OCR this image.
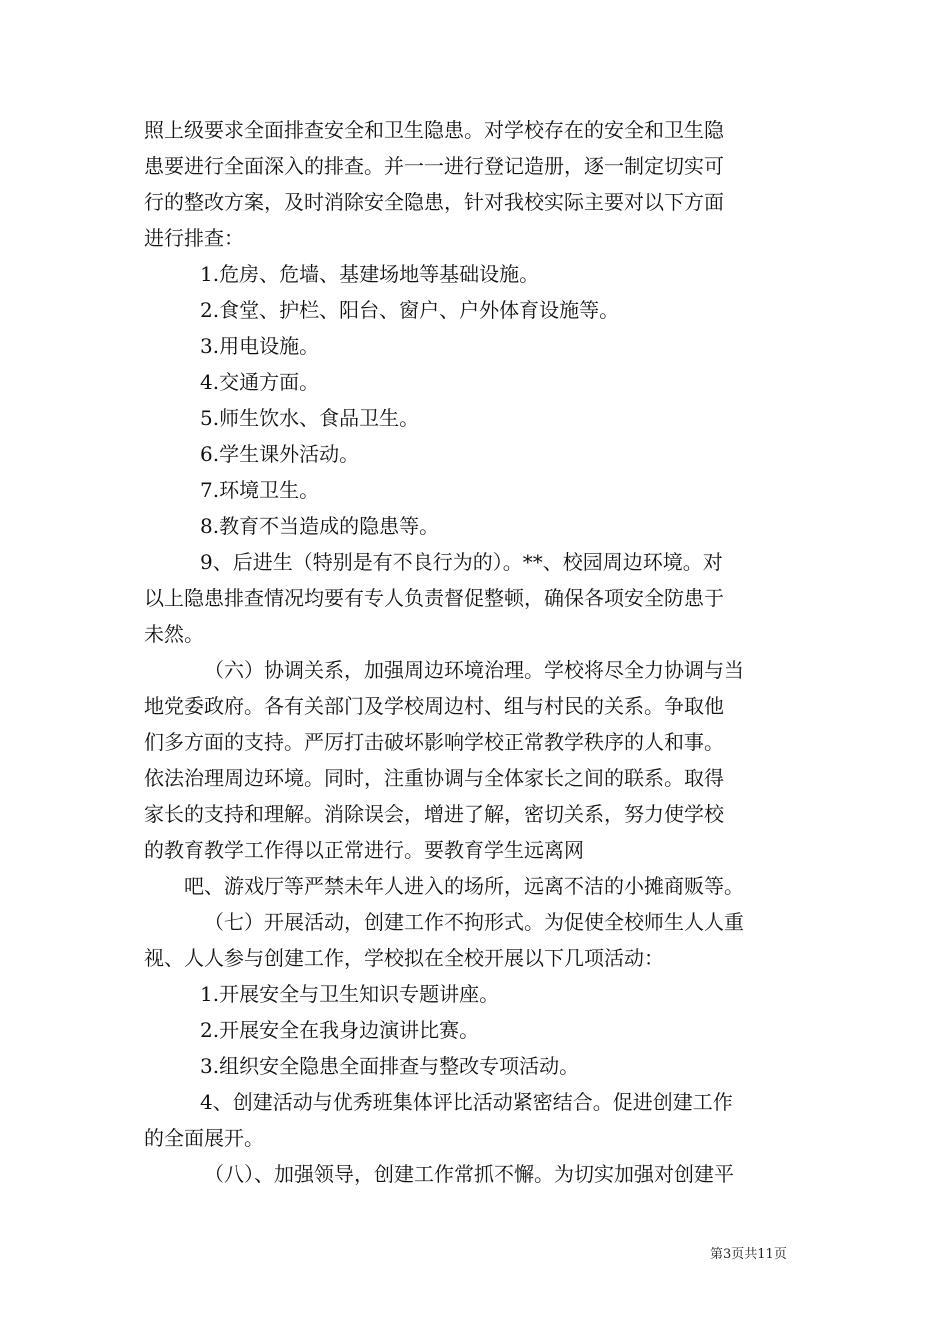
照上级要求全面排查安全和卫生隐患。对学校存在的安全和卫生隐
患要进行全面深入的排查。并一一进行登记造册，逐一制定切实可
行的整改方案，及时消除安全隐患，针对我校实际主要对以下方面
进行排查：
1.危房、危墙、基建场地等基础设施。
2.食堂、护栏、阳台、窗户、户外体育设施等。
3.用电设施。
4.交通方面。
5.师生饮水、食品卫生。
6.学生课外活动。
7.环境卫生。
8.教育不当造成的隐患等。
9、后进生（特别是有不良行为的）。**、校园周边环境。对
以上隐患排查情况均要有专人负责督促整顿，确保各项安全防患于
未然。
（六）协调关系，加强周边环境治理。学校将尽全力协调与当
地党委政府。各有关部门及学校周边村、组与村民的关系。争取他
们多方面的支持。严厉打击破坏影响学校正常教学秩序的人和事。
依法治理周边环境。同时，注重协调与全体家长之间的联系。取得
家长的支持和理解。消除误会，增进了解，密切关系，努力使学校
的教育教学工作得以正常进行。要教育学生远离网
吧、游戏厅等严禁未年人进入的场所，远离不洁的小摊商贩等。
（七）开展活动，创建工作不拘形式。为促使全校师生人人重
视、人人参与创建工作，学校拟在全校开展以下几项活动：
1.开展安全与卫生知识专题讲座。
2.开展安全在我身边演讲比赛。
3.组织安全隐患全面排查与整改专项活动。
4、创建活动与优秀班集体评比活动紧密结合。促进创建工作
的全面展开。
（八）、加强领导，创建工作常抓不懈。为切实加强对创建平
第3页共11页
